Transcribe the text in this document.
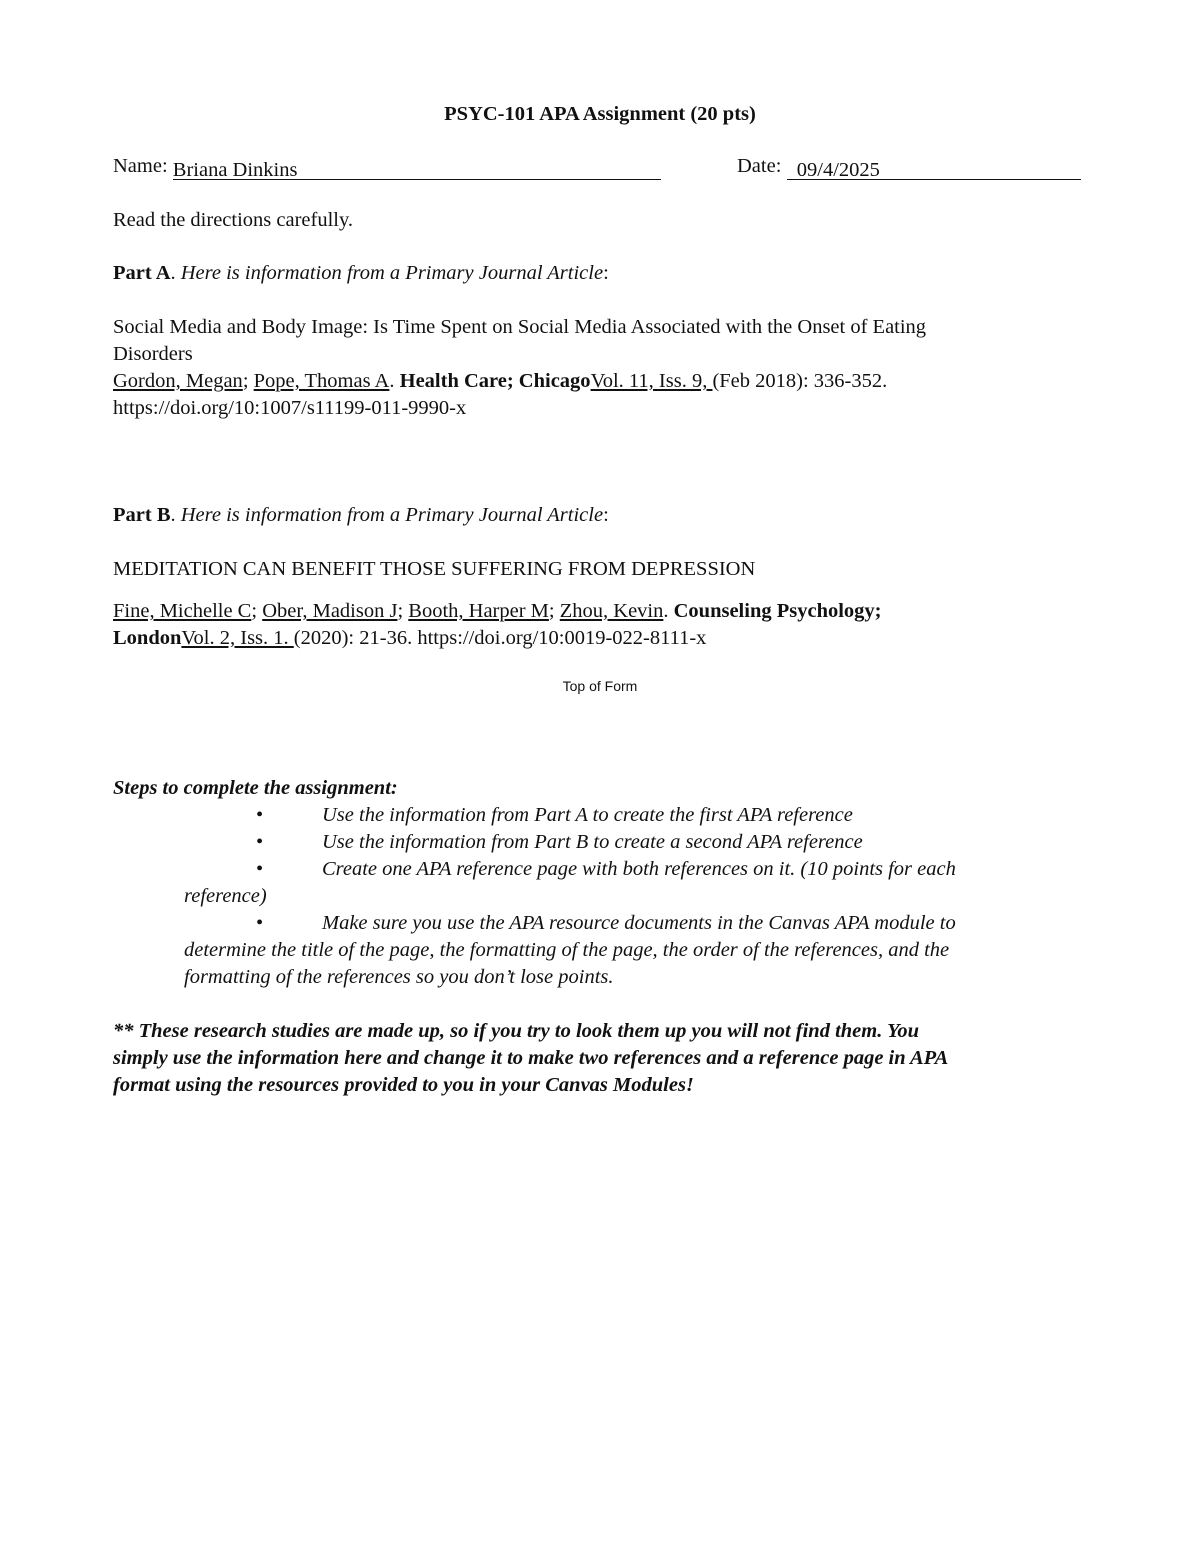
PSYC-101 APA Assignment (20 pts)
Name: Briana Dinkins	Date: 09/4/2025
Read the directions carefully.
Part A. Here is information from a Primary Journal Article:
Social Media and Body Image: Is Time Spent on Social Media Associated with the Onset of Eating
Disorders
Gordon, Megan; Pope, Thomas A. Health Care; ChicagoVol. 11, Iss. 9, (Feb 2018): 336-352.
https://doi.org/10:1007/s11199-011-9990-x
Part B. Here is information from a Primary Journal Article:
MEDITATION CAN BENEFIT THOSE SUFFERING FROM DEPRESSION
Fine, Michelle C; Ober, Madison J; Booth, Harper M; Zhou, Kevin. Counseling Psychology;
LondonVol. 2, Iss. 1. (2020): 21-36. https://doi.org/10:0019-022-8111-x
Top of Form
Steps to complete the assignment:
•	Use the information from Part A to create the first APA reference
•	Use the information from Part B to create a second APA reference
•	Create one APA reference page with both references on it. (10 points for each
reference)
•	Make sure you use the APA resource documents in the Canvas APA module to
determine the title of the page, the formatting of the page, the order of the references, and the
formatting of the references so you don’t lose points.
** These research studies are made up, so if you try to look them up you will not find them. You
simply use the information here and change it to make two references and a reference page in APA
format using the resources provided to you in your Canvas Modules!
